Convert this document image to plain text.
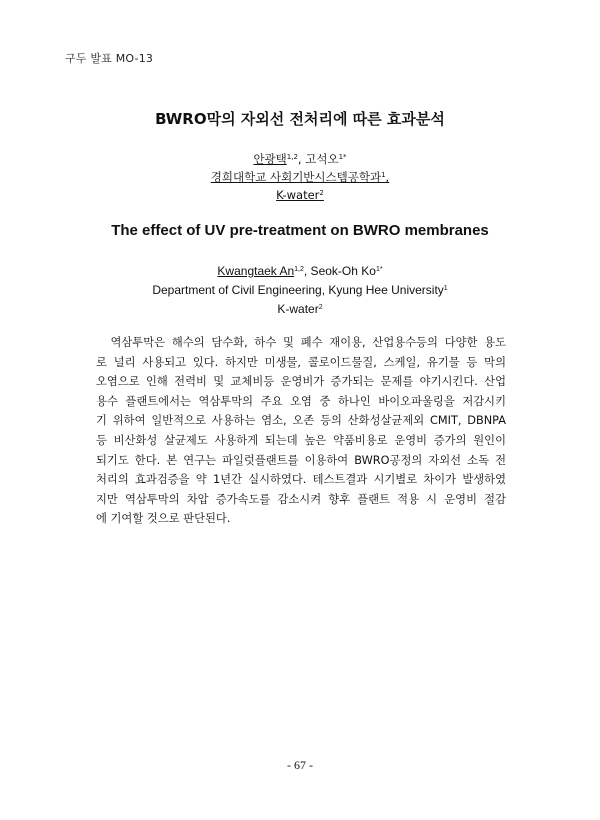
구두 발표 MO-13
BWRO막의 자외선 전처리에 따른 효과분석
안광택$^{1,2}$, 고석오$^{1*}$
경희대학교 사회기반시스템공학과$^1$,
K-water$^2$
The effect of UV pre-treatment on BWRO membranes
Kwangtaek An$^{1,2}$, Seok-Oh $Ko^{1*}$
Department of Civil Engineering, Kyung Hee University$^1$
K-water$^2$
　역삼투막은 해수의 담수화, 하수 및 폐수 재이용, 산업용수등의 다양한 용도
로 널리 사용되고 있다. 하지만 미생물, 콜로이드물질, 스케일, 유기물 등 막의
오염으로 인해 전력비 및 교체비등 운영비가 증가되는 문제를 야기시킨다. 산업
용수 플랜트에서는 역삼투막의 주요 오염 중 하나인 바이오파울링을 저감시키
기 위하여 일반적으로 사용하는 염소, 오존 등의 산화성살균제외 CMIT, DBNPA
등 비산화성 살균제도 사용하게 되는데 높은 약품비용로 운영비 증가의 원인이
되기도 한다. 본 연구는 파일럿플랜트를 이용하여 BWRO공정의 자외선 소독 전
처리의 효과검증을 약 1년간 실시하였다. 테스트결과 시기별로 차이가 발생하였
지만 역삼투막의 차압 증가속도를 감소시켜 향후 플랜트 적용 시 운영비 절감
에 기여할 것으로 판단된다.
- 67 -
